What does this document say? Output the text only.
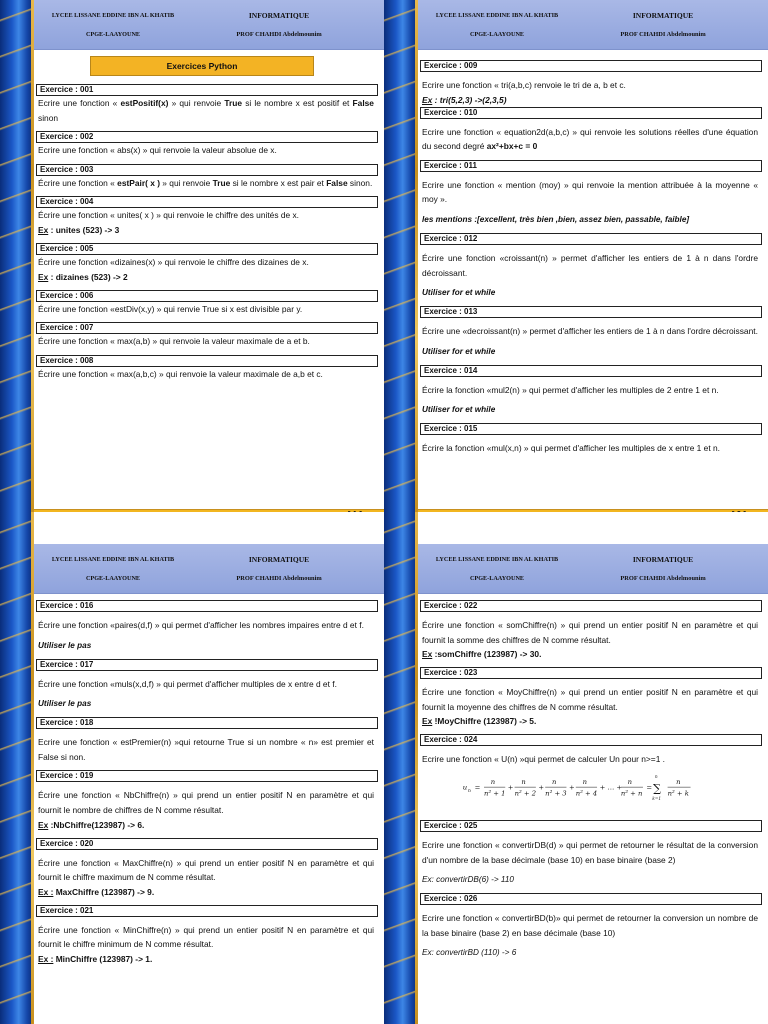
LYCEE LISSANE EDDINE IBN AL KHATIB
CPGE-LAAYOUNE
INFORMATIQUE
PROF CHAHDI Abdelmounim
Exercices Python
Exercice : 001
Ecrire une fonction « estPositif(x) » qui renvoie True si le nombre x est positif et False sinon
Exercice : 002
Ecrire une fonction « abs(x) » qui renvoie la valeur absolue de x.
Exercice : 003
Écrire une fonction « estPair( x ) » qui renvoie True si le nombre x est pair et False sinon.
Exercice : 004
Écrire une fonction « unites( x ) » qui renvoie le chiffre des unités de x.
Ex : unites (523) -> 3
Exercice : 005
Écrire une fonction «dizaines(x) » qui renvoie le chiffre des dizaines de x.
Ex : dizaines (523) -> 2
Exercice : 006
Écrire une fonction «estDiv(x,y) » qui renvie True si x est divisible par y.
Exercice : 007
Écrire une fonction « max(a,b) » qui renvoie la valeur maximale de a et b.
Exercice : 008
Écrire une fonction « max(a,b,c) » qui renvoie la valeur maximale de a,b et c.
LYCEE LISSANE EDDINE IBN AL KHATIB
CPGE-LAAYOUNE
INFORMATIQUE
PROF CHAHDI Abdelmounim
Exercice : 009
Ecrire une fonction « tri(a,b,c) renvoie le tri de a, b et c.
Ex : tri(5,2,3) ->(2,3,5)
Exercice : 010
Ecrire une fonction « equation2d(a,b,c) » qui renvoie les solutions réelles d'une équation du second degré ax²+bx+c = 0
Exercice : 011
Ecrire une fonction « mention (moy) » qui renvoie la mention attribuée à la moyenne « moy ».
les mentions :[excellent, très bien ,bien, assez bien, passable, faible]
Exercice : 012
Écrire une fonction «croissant(n) » permet d'afficher les entiers de 1 à n dans l'ordre décroissant.
Utiliser for et while
Exercice : 013
Écrire une «decroissant(n) » permet d'afficher les entiers de 1 à n dans l'ordre décroissant.
Utiliser for et while
Exercice : 014
Écrire la fonction «mul2(n) » qui permet d'afficher les multiples de 2 entre 1 et n.
Utiliser for et while
Exercice : 015
Écrire la fonction «mul(x,n) » qui permet d'afficher les multiples de x entre 1 et n.
LYCEE LISSANE EDDINE IBN AL KHATIB
CPGE-LAAYOUNE
INFORMATIQUE
PROF CHAHDI Abdelmounim
Exercice : 016
Écrire une fonction «paires(d,f) » qui permet d'afficher les nombres impaires entre d et f.
Utiliser le pas
Exercice : 017
Écrire une fonction «muls(x,d,f) » qui permet d'afficher multiples de x entre d et f.
Utiliser le pas
Exercice : 018
Ecrire une fonction « estPremier(n) »qui retourne True si un nombre « n» est premier et False si non.
Exercice : 019
Écrire une fonction « NbChiffre(n) » qui prend un entier positif N en paramètre et qui fournit le nombre de chiffres de N comme résultat.
Ex :NbChiffre(123987) -> 6.
Exercice : 020
Écrire une fonction « MaxChiffre(n) » qui prend un entier positif N en paramètre et qui fournit le chiffre maximum de N comme résultat.
Ex : MaxChiffre (123987) -> 9.
Exercice : 021
Écrire une fonction « MinChiffre(n) » qui prend un entier positif N en paramètre et qui fournit le chiffre minimum de N comme résultat.
Ex : MinChiffre (123987) -> 1.
LYCEE LISSANE EDDINE IBN AL KHATIB
CPGE-LAAYOUNE
INFORMATIQUE
PROF CHAHDI Abdelmounim
Exercice : 022
Écrire une fonction « somChiffre(n) » qui prend un entier positif N en paramètre et qui fournit la somme des chiffres de N comme résultat.
Ex :somChiffre (123987) -> 30.
Exercice : 023
Écrire une fonction « MoyChiffre(n) » qui prend un entier positif N en paramètre et qui fournit la moyenne des chiffres de N comme résultat.
Ex !MoyChiffre (123987) -> 5.
Exercice : 024
Ecrire une fonction « U(n) »qui permet de calculer Un pour n>=1 .
u
n
=
n
n² + 1
+
n
n² + 2
+
n
n² + 3
+
n
n² + 4
+ … +
n
n² + n
=
n
∑
k=1
n
n² + k
Exercice : 025
Ecrire une fonction « convertirDB(d) » qui permet de retourner le résultat de la conversion d'un nombre de la base décimale (base 10) en base binaire (base 2)
Ex: convertirDB(6) -> 110
Exercice : 026
Ecrire une fonction « convertirBD(b)» qui permet de retourner la conversion un nombre de la base binaire (base 2) en base décimale (base 10)
Ex: convertirBD (110) -> 6
